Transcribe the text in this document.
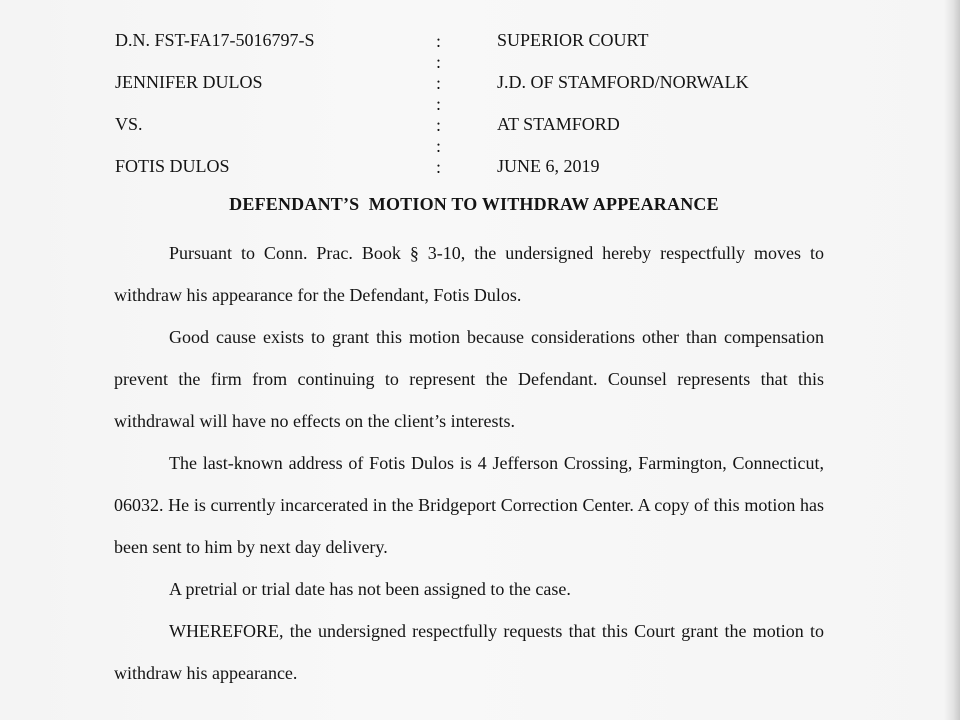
D.N. FST-FA17-5016797-S
JENNIFER DULOS
VS.
FOTIS DULOS
:
:
:
:
:
:
:
SUPERIOR COURT
J.D. OF STAMFORD/NORWALK
AT STAMFORD
JUNE 6, 2019
DEFENDANT’S  MOTION TO WITHDRAW APPEARANCE

Pursuant to Conn. Prac. Book § 3-10, the undersigned hereby respectfully moves to withdraw his appearance for the Defendant, Fotis Dulos.

Good cause exists to grant this motion because considerations other than compensation prevent the firm from continuing to represent the Defendant. Counsel represents that this withdrawal will have no effects on the client’s interests.

The last-known address of Fotis Dulos is 4 Jefferson Crossing, Farmington, Connecticut, 06032. He is currently incarcerated in the Bridgeport Correction Center. A copy of this motion has been sent to him by next day delivery.

A pretrial or trial date has not been assigned to the case.

WHEREFORE, the undersigned respectfully requests that this Court grant the motion to withdraw his appearance.
